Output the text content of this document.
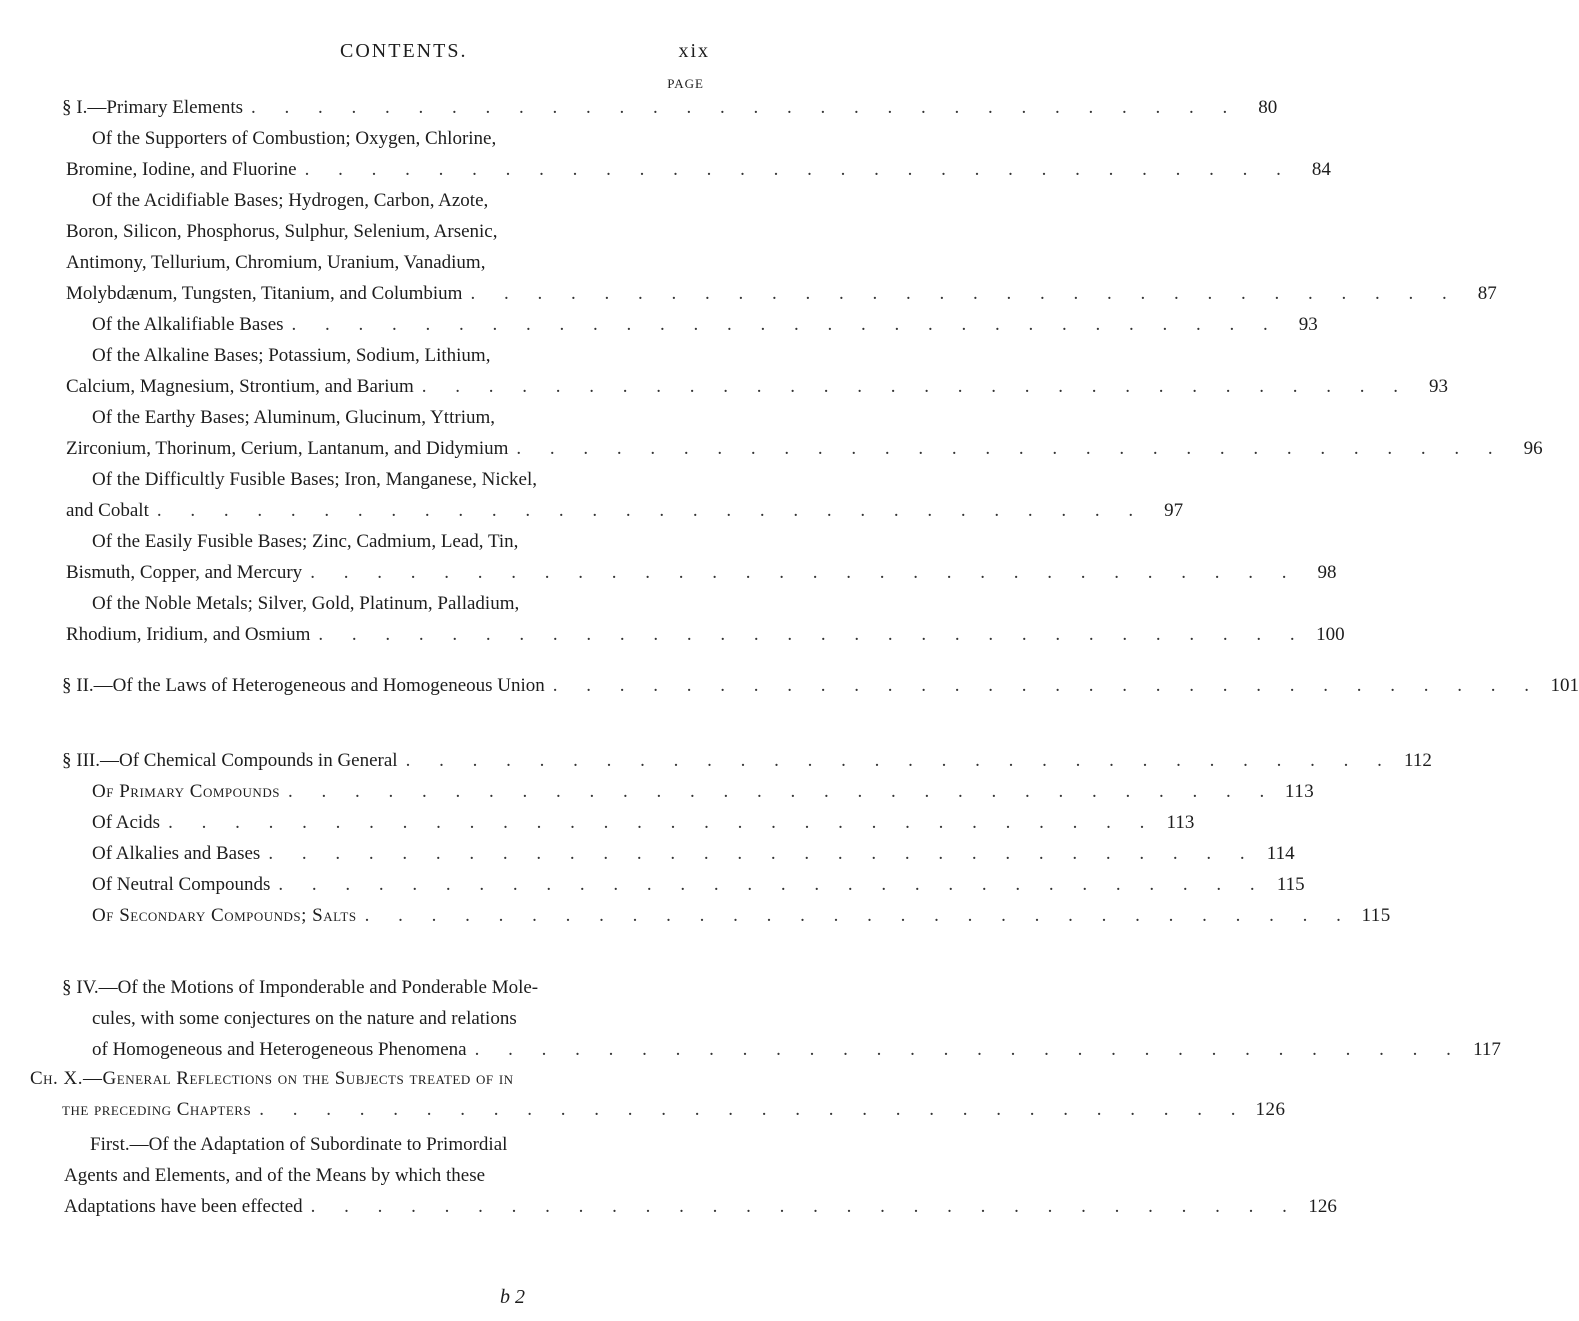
CONTENTS.	xix
PAGE
§ I.—Primary Elements . . . . . . . . . . . . . . . . . . . . . . . . . . . . . .	80
Of the Supporters of Combustion; Oxygen, Chlorine,
Bromine, Iodine, and Fluorine . . . . . . . . . . . . . . . . . . . . . . . . . . . . . .	84
Of the Acidifiable Bases; Hydrogen, Carbon, Azote,
Boron, Silicon, Phosphorus, Sulphur, Selenium, Arsenic,
Antimony, Tellurium, Chromium, Uranium, Vanadium,
Molybdænum, Tungsten, Titanium, and Columbium . . . . . . . . . . . . . . . . . . . . . . . . . . . . . .	87
Of the Alkalifiable Bases . . . . . . . . . . . . . . . . . . . . . . . . . . . . . .	93
Of the Alkaline Bases; Potassium, Sodium, Lithium,
Calcium, Magnesium, Strontium, and Barium . . . . . . . . . . . . . . . . . . . . . . . . . . . . . .	93
Of the Earthy Bases; Aluminum, Glucinum, Yttrium,
Zirconium, Thorinum, Cerium, Lantanum, and Didymium . . . . . . . . . . . . . . . . . . . . . . . . . . . . . .	96
Of the Difficultly Fusible Bases; Iron, Manganese, Nickel,
and Cobalt . . . . . . . . . . . . . . . . . . . . . . . . . . . . . .	97
Of the Easily Fusible Bases; Zinc, Cadmium, Lead, Tin,
Bismuth, Copper, and Mercury . . . . . . . . . . . . . . . . . . . . . . . . . . . . . .	98
Of the Noble Metals; Silver, Gold, Platinum, Palladium,
Rhodium, Iridium, and Osmium . . . . . . . . . . . . . . . . . . . . . . . . . . . . . . 100
§ II.—Of the Laws of Heterogeneous and Homogeneous Union . . . . . . . . . . . . . . . . . . . . . . . . . . . . . . 101
§ III.—Of Chemical Compounds in General . . . . . . . . . . . . . . . . . . . . . . . . . . . . . . 112
Of Primary Compounds . . . . . . . . . . . . . . . . . . . . . . . . . . . . . . 113
Of Acids . . . . . . . . . . . . . . . . . . . . . . . . . . . . . . 113
Of Alkalies and Bases . . . . . . . . . . . . . . . . . . . . . . . . . . . . . . 114
Of Neutral Compounds . . . . . . . . . . . . . . . . . . . . . . . . . . . . . . 115
Of Secondary Compounds; Salts . . . . . . . . . . . . . . . . . . . . . . . . . . . . . . 115
§ IV.—Of the Motions of Imponderable and Ponderable Mole-
cules, with some conjectures on the nature and relations
of Homogeneous and Heterogeneous Phenomena . . . . . . . . . . . . . . . . . . . . . . . . . . . . . . 117
Ch. X.—General Reflections on the Subjects treated of in
the preceding Chapters . . . . . . . . . . . . . . . . . . . . . . . . . . . . . . 126
First.—Of the Adaptation of Subordinate to Primordial
Agents and Elements, and of the Means by which these
Adaptations have been effected . . . . . . . . . . . . . . . . . . . . . . . . . . . . . . 126
b 2
